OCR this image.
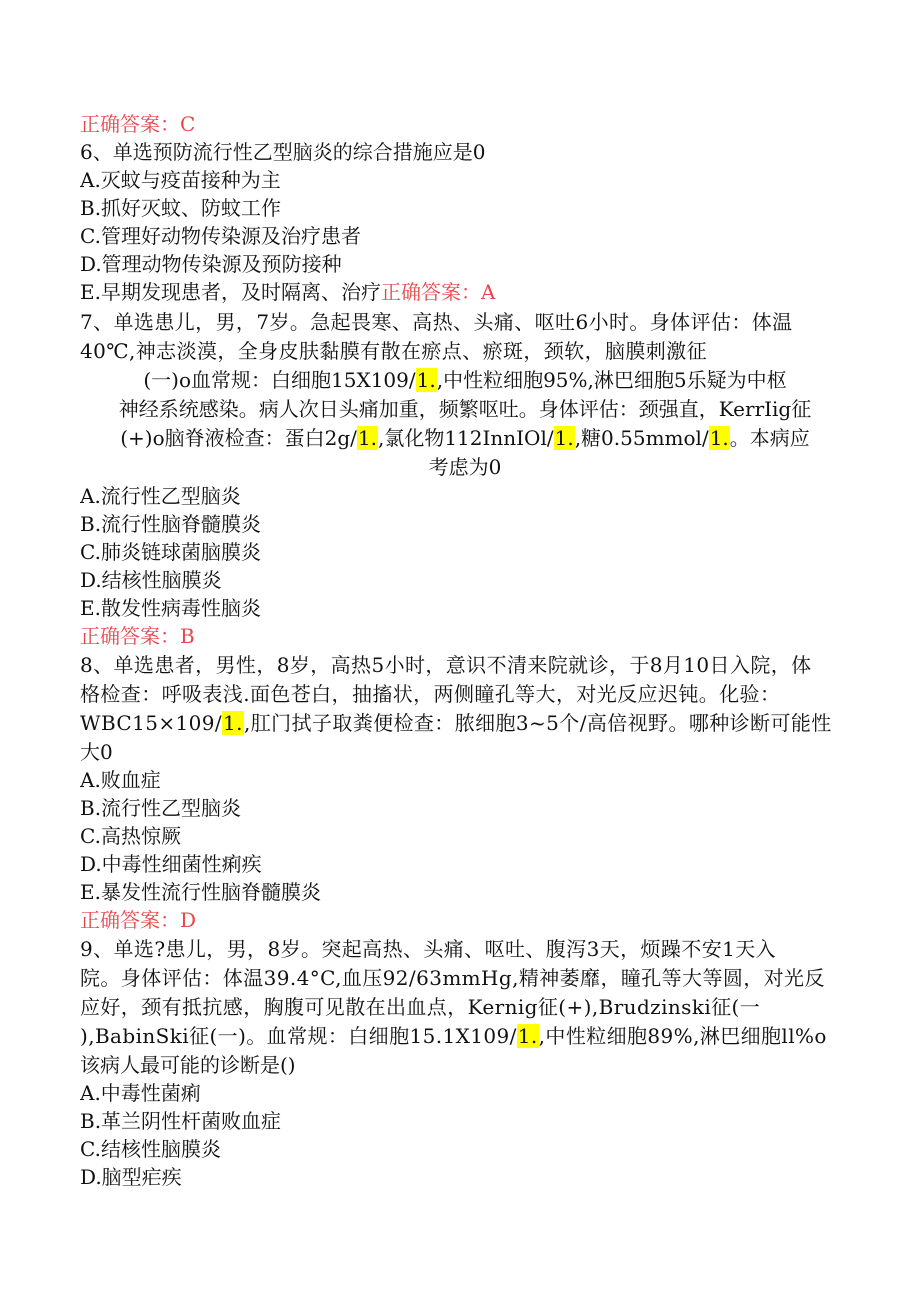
正确答案：C
6、单选预防流行性乙型脑炎的综合措施应是0
A.灭蚊与疫苗接种为主
B.抓好灭蚊、防蚊工作
C.管理好动物传染源及治疗患者
D.管理动物传染源及预防接种
E.早期发现患者，及时隔离、治疗正确答案：A
7、单选患儿，男，7岁。急起畏寒、高热、头痛、呕吐6小时。身体评估：体温
40℃,神志淡漠，全身皮肤黏膜有散在瘀点、瘀斑，颈软，脑膜刺激征
(一)o血常规：白细胞15X109/1.,中性粒细胞95%,淋巴细胞5乐疑为中枢
神经系统感染。病人次日头痛加重，频繁呕吐。身体评估：颈强直，KerrIig征
(+)o脑脊液检查：蛋白2g/1.,氯化物112InnIOl/1.,糖0.55mmol/1.。本病应
考虑为0
A.流行性乙型脑炎
B.流行性脑脊髓膜炎
C.肺炎链球菌脑膜炎
D.结核性脑膜炎
E.散发性病毒性脑炎
正确答案：B
8、单选患者，男性，8岁，高热5小时，意识不清来院就诊，于8月10日入院，体
格检查：呼吸表浅.面色苍白，抽搐状，两侧瞳孔等大，对光反应迟钝。化验：
WBC15×109/1.,肛门拭子取粪便检查：脓细胞3~5个/高倍视野。哪种诊断可能性
大0
A.败血症
B.流行性乙型脑炎
C.高热惊厥
D.中毒性细菌性痢疾
E.暴发性流行性脑脊髓膜炎
正确答案：D
9、单选?患儿，男，8岁。突起高热、头痛、呕吐、腹泻3天，烦躁不安1天入
院。身体评估：体温39.4°C,血压92/63mmHg,精神萎靡，瞳孔等大等圆，对光反
应好，颈有抵抗感，胸腹可见散在出血点，Kernig征(+),Brudzinski征(一
),BabinSki征(一)。血常规：白细胞15.1X109/1.,中性粒细胞89%,淋巴细胞ll%o
该病人最可能的诊断是()
A.中毒性菌痢
B.革兰阴性杆菌败血症
C.结核性脑膜炎
D.脑型疟疾
